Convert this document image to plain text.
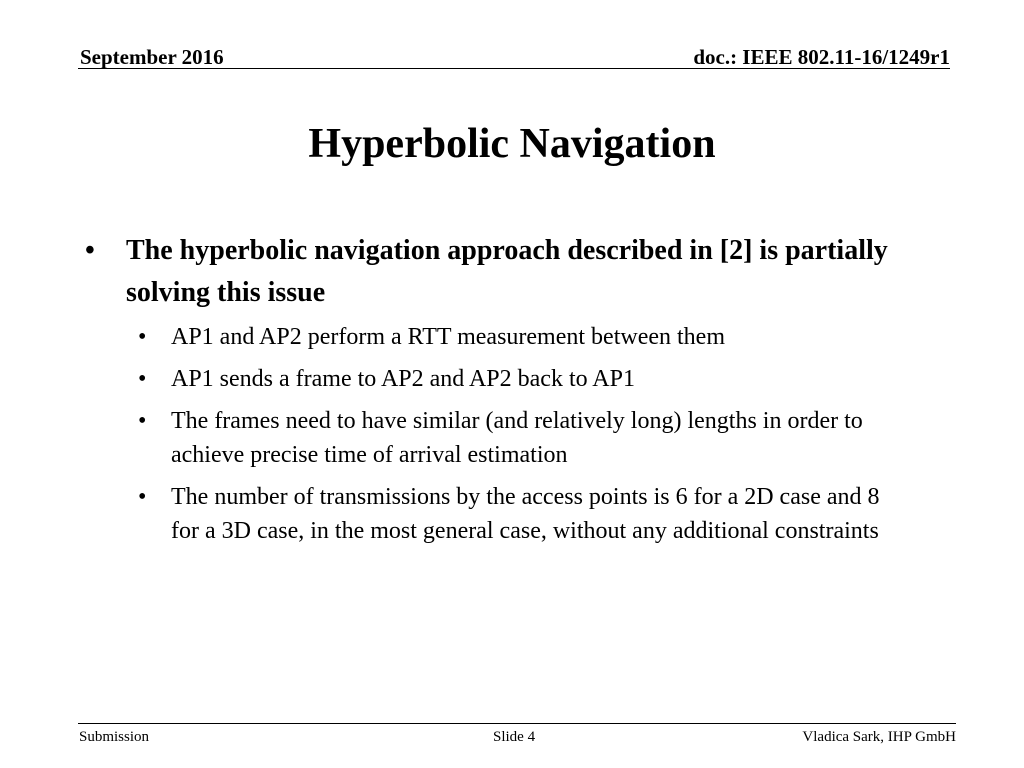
September 2016	doc.: IEEE 802.11-16/1249r1
Hyperbolic Navigation
• The hyperbolic navigation approach described in [2] is partially solving this issue
• AP1 and AP2 perform a RTT measurement between them
• AP1 sends a frame to AP2 and AP2 back to AP1
• The frames need to have similar (and relatively long) lengths in order to achieve precise time of arrival estimation
• The number of transmissions by the access points is 6 for a 2D case and 8 for a 3D case, in the most general case, without any additional constraints
Submission	Slide 4	Vladica Sark, IHP GmbH
